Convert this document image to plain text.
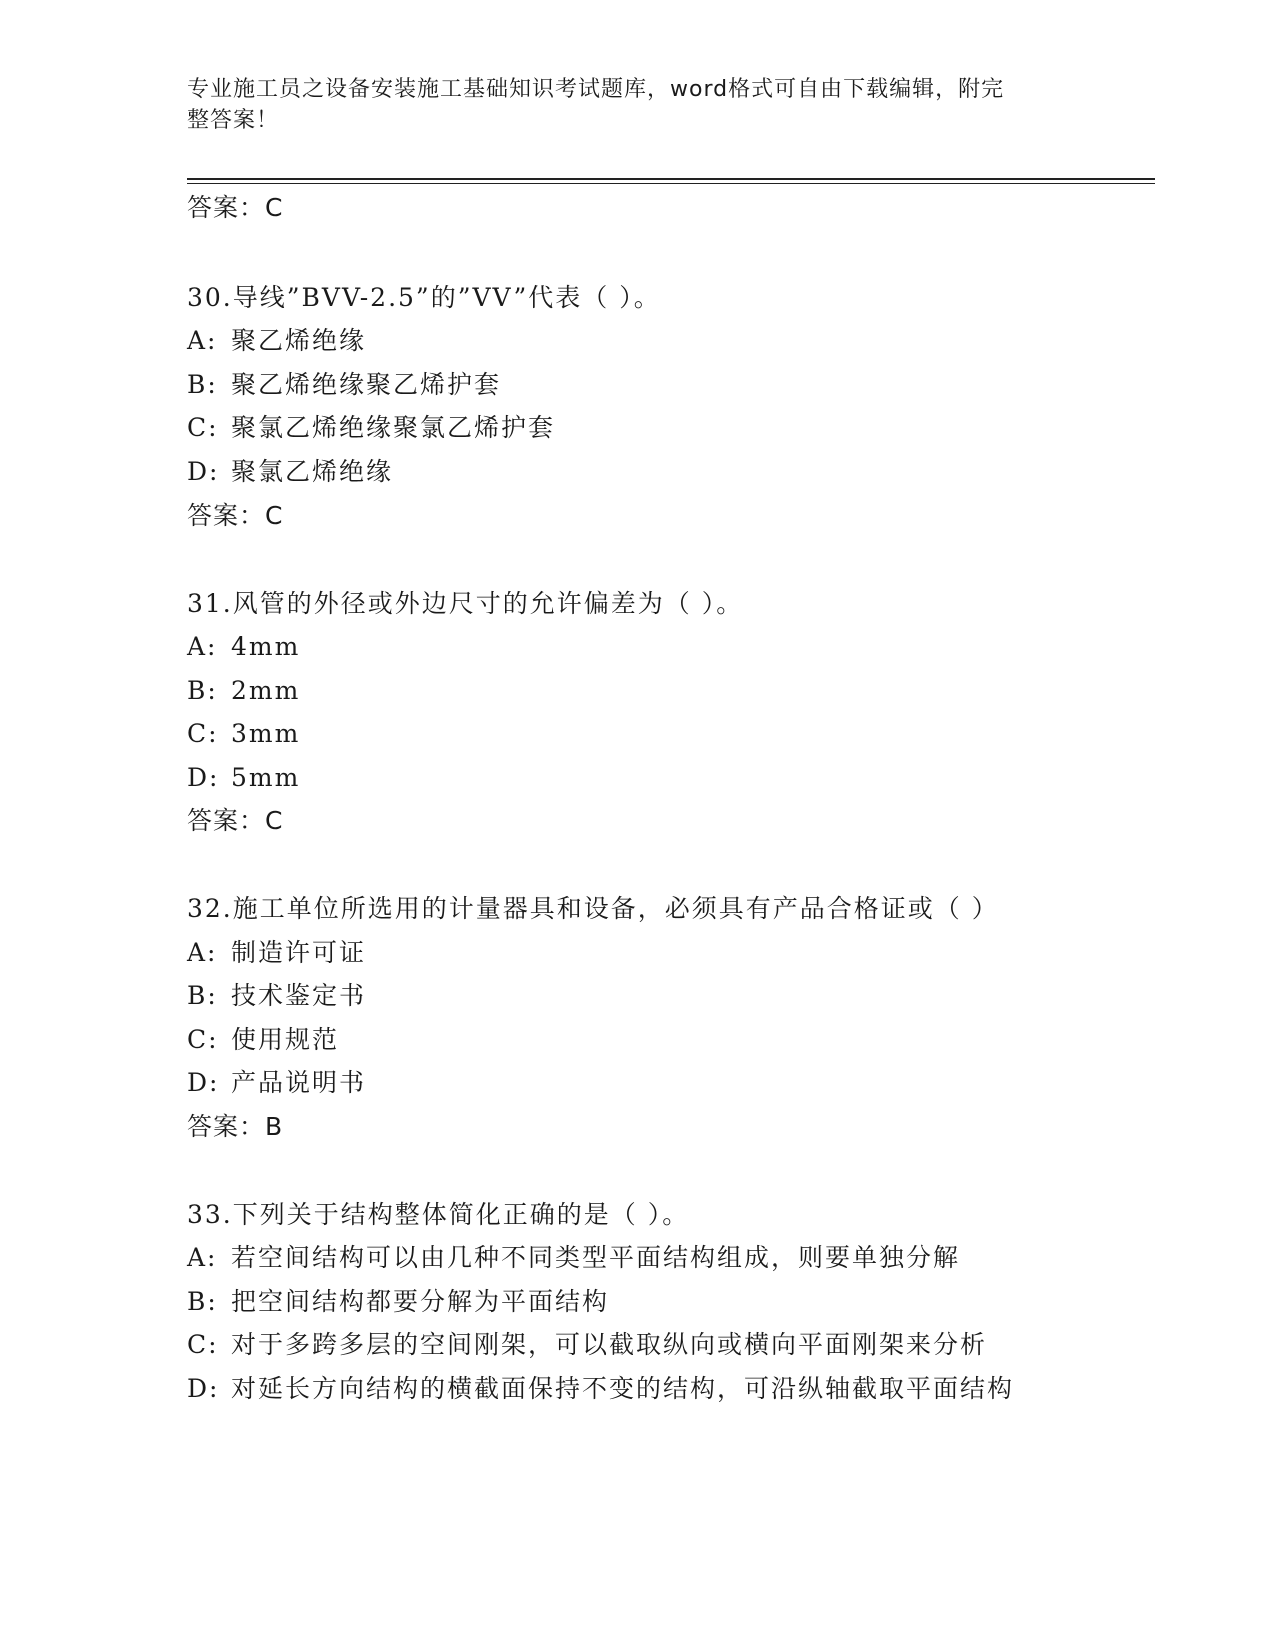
专业施工员之设备安装施工基础知识考试题库，word格式可自由下载编辑，附完
整答案！
答案：C
30.导线”BVV-2.5”的”VV”代表（ ）。
A: 聚乙烯绝缘
B: 聚乙烯绝缘聚乙烯护套
C: 聚氯乙烯绝缘聚氯乙烯护套
D: 聚氯乙烯绝缘
答案：C
31.风管的外径或外边尺寸的允许偏差为（ ）。
A: 4mm
B: 2mm
C: 3mm
D: 5mm
答案：C
32.施工单位所选用的计量器具和设备，必须具有产品合格证或（ ）
A: 制造许可证
B: 技术鉴定书
C: 使用规范
D: 产品说明书
答案：B
33.下列关于结构整体简化正确的是（ ）。
A: 若空间结构可以由几种不同类型平面结构组成，则要单独分解
B: 把空间结构都要分解为平面结构
C: 对于多跨多层的空间刚架，可以截取纵向或横向平面刚架来分析
D: 对延长方向结构的横截面保持不变的结构，可沿纵轴截取平面结构
